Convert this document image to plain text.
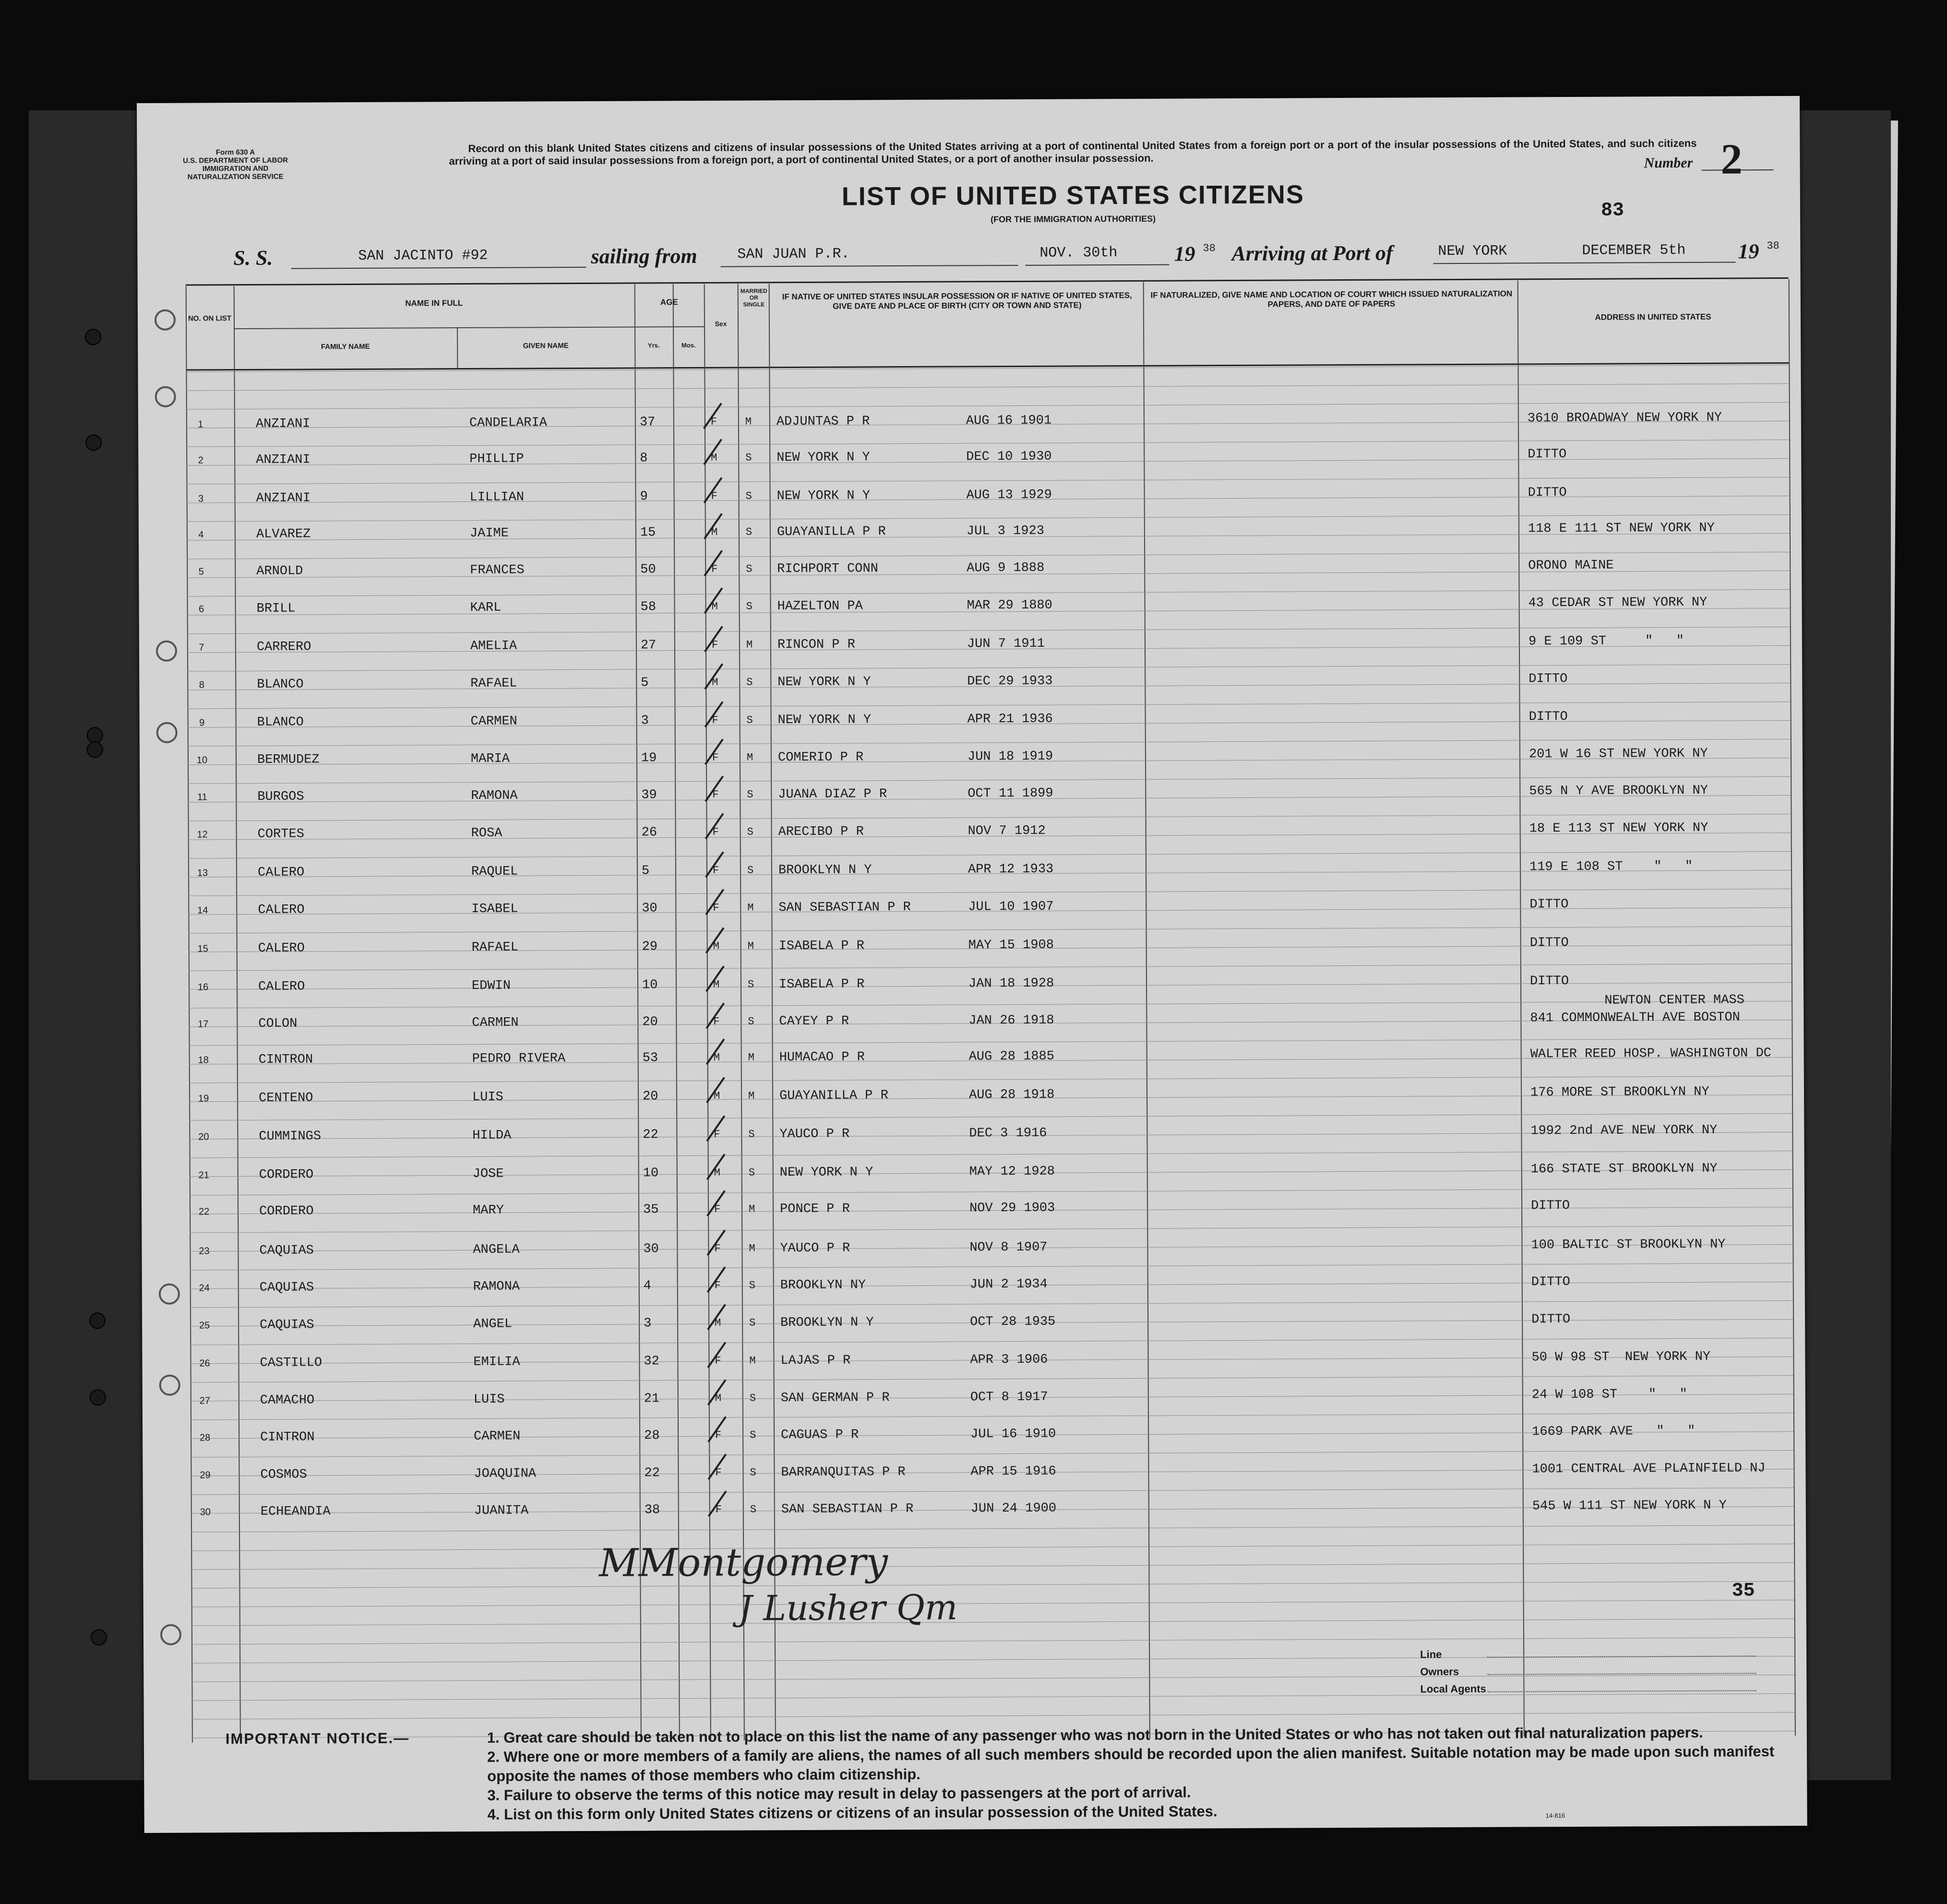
Form 630 A
U.S. DEPARTMENT OF LABOR
IMMIGRATION AND
NATURALIZATION SERVICE
Record on this blank United States citizens and citizens of insular possessions of the United States arriving at a port of continental United States from a foreign port or a port of the insular possessions of the United States, and such citizens arriving at a port of said insular possessions from a foreign port, a port of continental United States, or a port of another insular possession.	Number 2
LIST OF UNITED STATES CITIZENS
(FOR THE IMMIGRATION AUTHORITIES)	83
S. S.	SAN JACINTO #92	sailing from	SAN JUAN P.R.	NOV. 30th	19 38 Arriving at Port of	NEW YORK	DECEMBER 5th 19 38
NO. ON LIST
NAME IN FULL
FAMILY NAME	GIVEN NAME
AGE
Yrs.	Mos.
Sex
MARRIED OR SINGLE
IF NATIVE OF UNITED STATES INSULAR POSSESSION OR IF NATIVE OF UNITED STATES, GIVE DATE AND PLACE OF BIRTH (CITY OR TOWN AND STATE)
IF NATURALIZED, GIVE NAME AND LOCATION OF COURT WHICH ISSUED NATURALIZATION PAPERS, AND DATE OF PAPERS
ADDRESS IN UNITED STATES
1	ANZIANI	CANDELARIA	37	F	M ADJUNTAS P R	AUG 16 1901	3610 BROADWAY NEW YORK NY
2	ANZIANI	PHILLIP	8	M	S NEW YORK N Y	DEC 10 1930	DITTO
3	ANZIANI	LILLIAN	9	F	S NEW YORK N Y	AUG 13 1929	DITTO
4	ALVAREZ	JAIME	15	M	S GUAYANILLA P R	JUL 3 1923	118 E 111 ST NEW YORK NY
5	ARNOLD	FRANCES	50	F	S RICHPORT CONN	AUG 9 1888	ORONO MAINE
6	BRILL	KARL	58	M	S HAZELTON PA	MAR 29 1880	43 CEDAR ST NEW YORK NY
7	CARRERO	AMELIA	27	F	M RINCON P R	JUN 7 1911	9 E 109 ST     "   "
8	BLANCO	RAFAEL	5	M	S NEW YORK N Y	DEC 29 1933	DITTO
9	BLANCO	CARMEN	3	F	S NEW YORK N Y	APR 21 1936	DITTO
10	BERMUDEZ	MARIA	19	F	M COMERIO P R	JUN 18 1919	201 W 16 ST NEW YORK NY
11	BURGOS	RAMONA	39	F	S JUANA DIAZ P R	OCT 11 1899	565 N Y AVE BROOKLYN NY
12	CORTES	ROSA	26	F	S ARECIBO P R	NOV 7 1912	18 E 113 ST NEW YORK NY
13	CALERO	RAQUEL	5	F	S BROOKLYN N Y	APR 12 1933	119 E 108 ST    "   "
14	CALERO	ISABEL	30	F	M SAN SEBASTIAN P R	JUL 10 1907	DITTO
15	CALERO	RAFAEL	29	M	M ISABELA P R	MAY 15 1908	DITTO
16	CALERO	EDWIN	10	M	S ISABELA P R	JAN 18 1928	DITTO
17	COLON	CARMEN	20	F	S CAYEY P R	JAN 26 1918	841 COMMONWEALTH AVE BOSTON
NEWTON CENTER MASS
18	CINTRON	PEDRO RIVERA	53	M	M HUMACAO P R	AUG 28 1885	WALTER REED HOSP. WASHINGTON DC
19	CENTENO	LUIS	20	M	M GUAYANILLA P R	AUG 28 1918	176 MORE ST BROOKLYN NY
20	CUMMINGS	HILDA	22	F	S YAUCO P R	DEC 3 1916	1992 2nd AVE NEW YORK NY
21	CORDERO	JOSE	10	M	S NEW YORK N Y	MAY 12 1928	166 STATE ST BROOKLYN NY
22	CORDERO	MARY	35	F	M PONCE P R	NOV 29 1903	DITTO
23	CAQUIAS	ANGELA	30	F	M YAUCO P R	NOV 8 1907	100 BALTIC ST BROOKLYN NY
24	CAQUIAS	RAMONA	4	F	S BROOKLYN NY	JUN 2 1934	DITTO
25	CAQUIAS	ANGEL	3	M	S BROOKLYN N Y	OCT 28 1935	DITTO
26	CASTILLO	EMILIA	32	F	M LAJAS P R	APR 3 1906	50 W 98 ST  NEW YORK NY
27	CAMACHO	LUIS	21	M	S SAN GERMAN P R	OCT 8 1917	24 W 108 ST    "   "
28	CINTRON	CARMEN	28	F	S CAGUAS P R	JUL 16 1910	1669 PARK AVE   "   "
29	COSMOS	JOAQUINA	22	F	S BARRANQUITAS P R	APR 15 1916	1001 CENTRAL AVE PLAINFIELD NJ
30	ECHEANDIA	JUANITA	38	F	S SAN SEBASTIAN P R	JUN 24 1900	545 W 111 ST NEW YORK N Y
MMontgomery
J Lusher Qm	35
Line
Owners
Local Agents
IMPORTANT NOTICE.—	1. Great care should be taken not to place on this list the name of any passenger who was not born in the United States or who has not taken out final naturalization papers.
2. Where one or more members of a family are aliens, the names of all such members should be recorded upon the alien manifest. Suitable notation may be made upon such manifest opposite the names of those members who claim citizenship.
3. Failure to observe the terms of this notice may result in delay to passengers at the port of arrival.
4. List on this form only United States citizens or citizens of an insular possession of the United States.	14-816
